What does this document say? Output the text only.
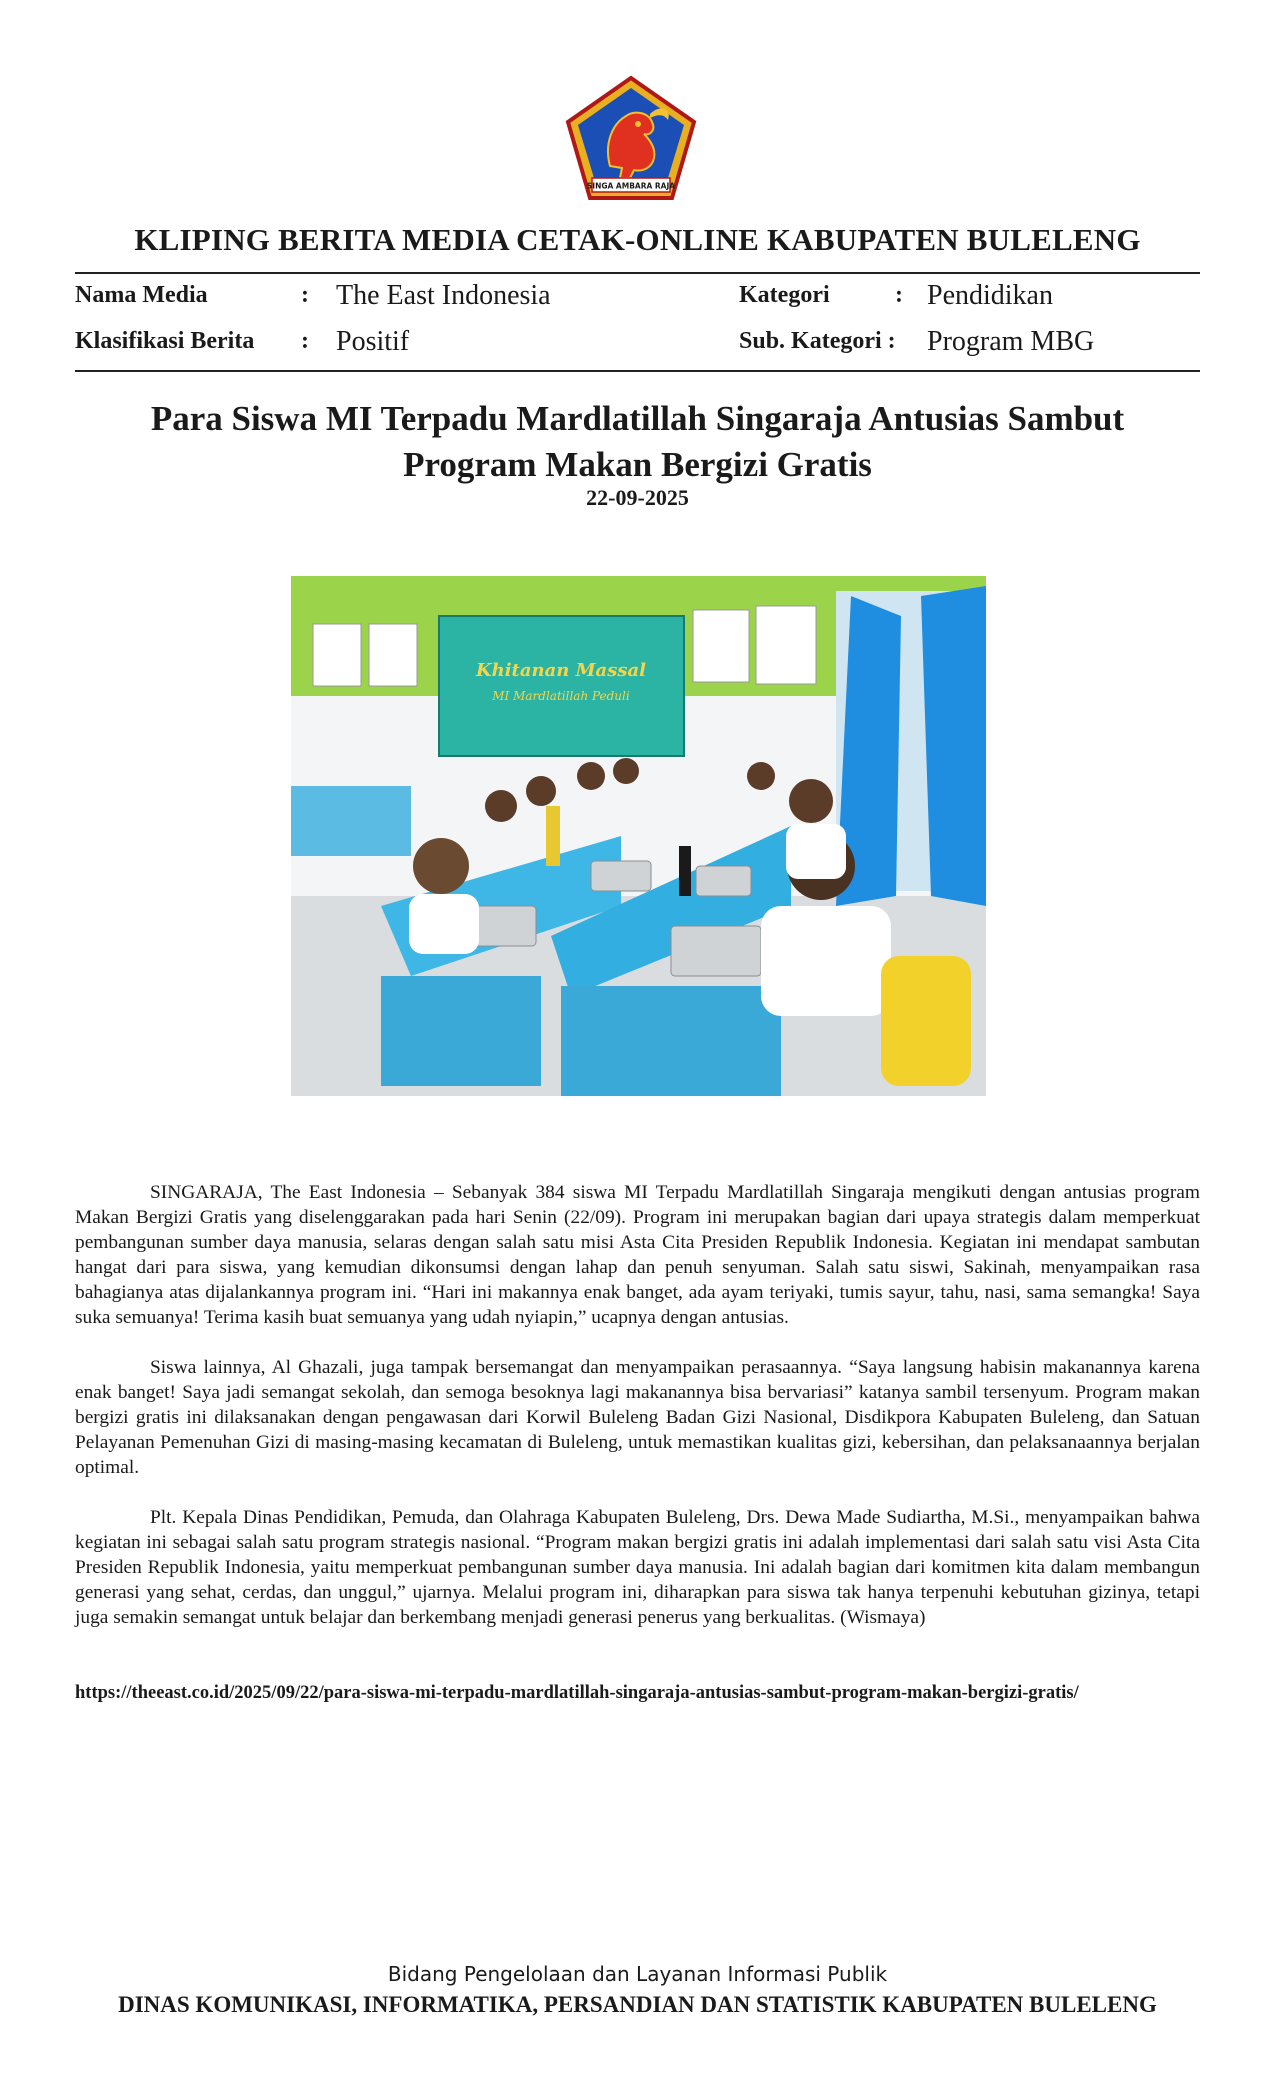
SINGA AMBARA RAJA
KLIPING BERITA MEDIA CETAK-ONLINE KABUPATEN BULELENG
Nama Media	: The East Indonesia	Kategori	: Pendidikan
Klasifikasi Berita : Positif	Sub. Kategori : Program MBG
Para Siswa MI Terpadu Mardlatillah Singaraja Antusias Sambut
Program Makan Bergizi Gratis
22-09-2025
Khitanan Massal
MI Mardlatillah Peduli

SINGARAJA, The East Indonesia – Sebanyak 384 siswa MI Terpadu Mardlatillah Singaraja mengikuti dengan antusias program Makan Bergizi Gratis yang diselenggarakan pada hari Senin (22/09). Program ini merupakan bagian dari upaya strategis dalam memperkuat pembangunan sumber daya manusia, selaras dengan salah satu misi Asta Cita Presiden Republik Indonesia. Kegiatan ini mendapat sambutan hangat dari para siswa, yang kemudian dikonsumsi dengan lahap dan penuh senyuman. Salah satu siswi, Sakinah, menyampaikan rasa bahagianya atas dijalankannya program ini. “Hari ini makannya enak banget, ada ayam teriyaki, tumis sayur, tahu, nasi, sama semangka! Saya suka semuanya! Terima kasih buat semuanya yang udah nyiapin,” ucapnya dengan antusias.

Siswa lainnya, Al Ghazali, juga tampak bersemangat dan menyampaikan perasaannya. “Saya langsung habisin makanannya karena enak banget! Saya jadi semangat sekolah, dan semoga besoknya lagi makanannya bisa bervariasi” katanya sambil tersenyum. Program makan bergizi gratis ini dilaksanakan dengan pengawasan dari Korwil Buleleng Badan Gizi Nasional, Disdikpora Kabupaten Buleleng, dan Satuan Pelayanan Pemenuhan Gizi di masing-masing kecamatan di Buleleng, untuk memastikan kualitas gizi, kebersihan, dan pelaksanaannya berjalan optimal.

Plt. Kepala Dinas Pendidikan, Pemuda, dan Olahraga Kabupaten Buleleng, Drs. Dewa Made Sudiartha, M.Si., menyampaikan bahwa kegiatan ini sebagai salah satu program strategis nasional. “Program makan bergizi gratis ini adalah implementasi dari salah satu visi Asta Cita Presiden Republik Indonesia, yaitu memperkuat pembangunan sumber daya manusia. Ini adalah bagian dari komitmen kita dalam membangun generasi yang sehat, cerdas, dan unggul,” ujarnya. Melalui program ini, diharapkan para siswa tak hanya terpenuhi kebutuhan gizinya, tetapi juga semakin semangat untuk belajar dan berkembang menjadi generasi penerus yang berkualitas. (Wismaya)

https://theeast.co.id/2025/09/22/para-siswa-mi-terpadu-mardlatillah-singaraja-antusias-sambut-program-makan-bergizi-gratis/
Bidang Pengelolaan dan Layanan Informasi Publik
DINAS KOMUNIKASI, INFORMATIKA, PERSANDIAN DAN STATISTIK KABUPATEN BULELENG
